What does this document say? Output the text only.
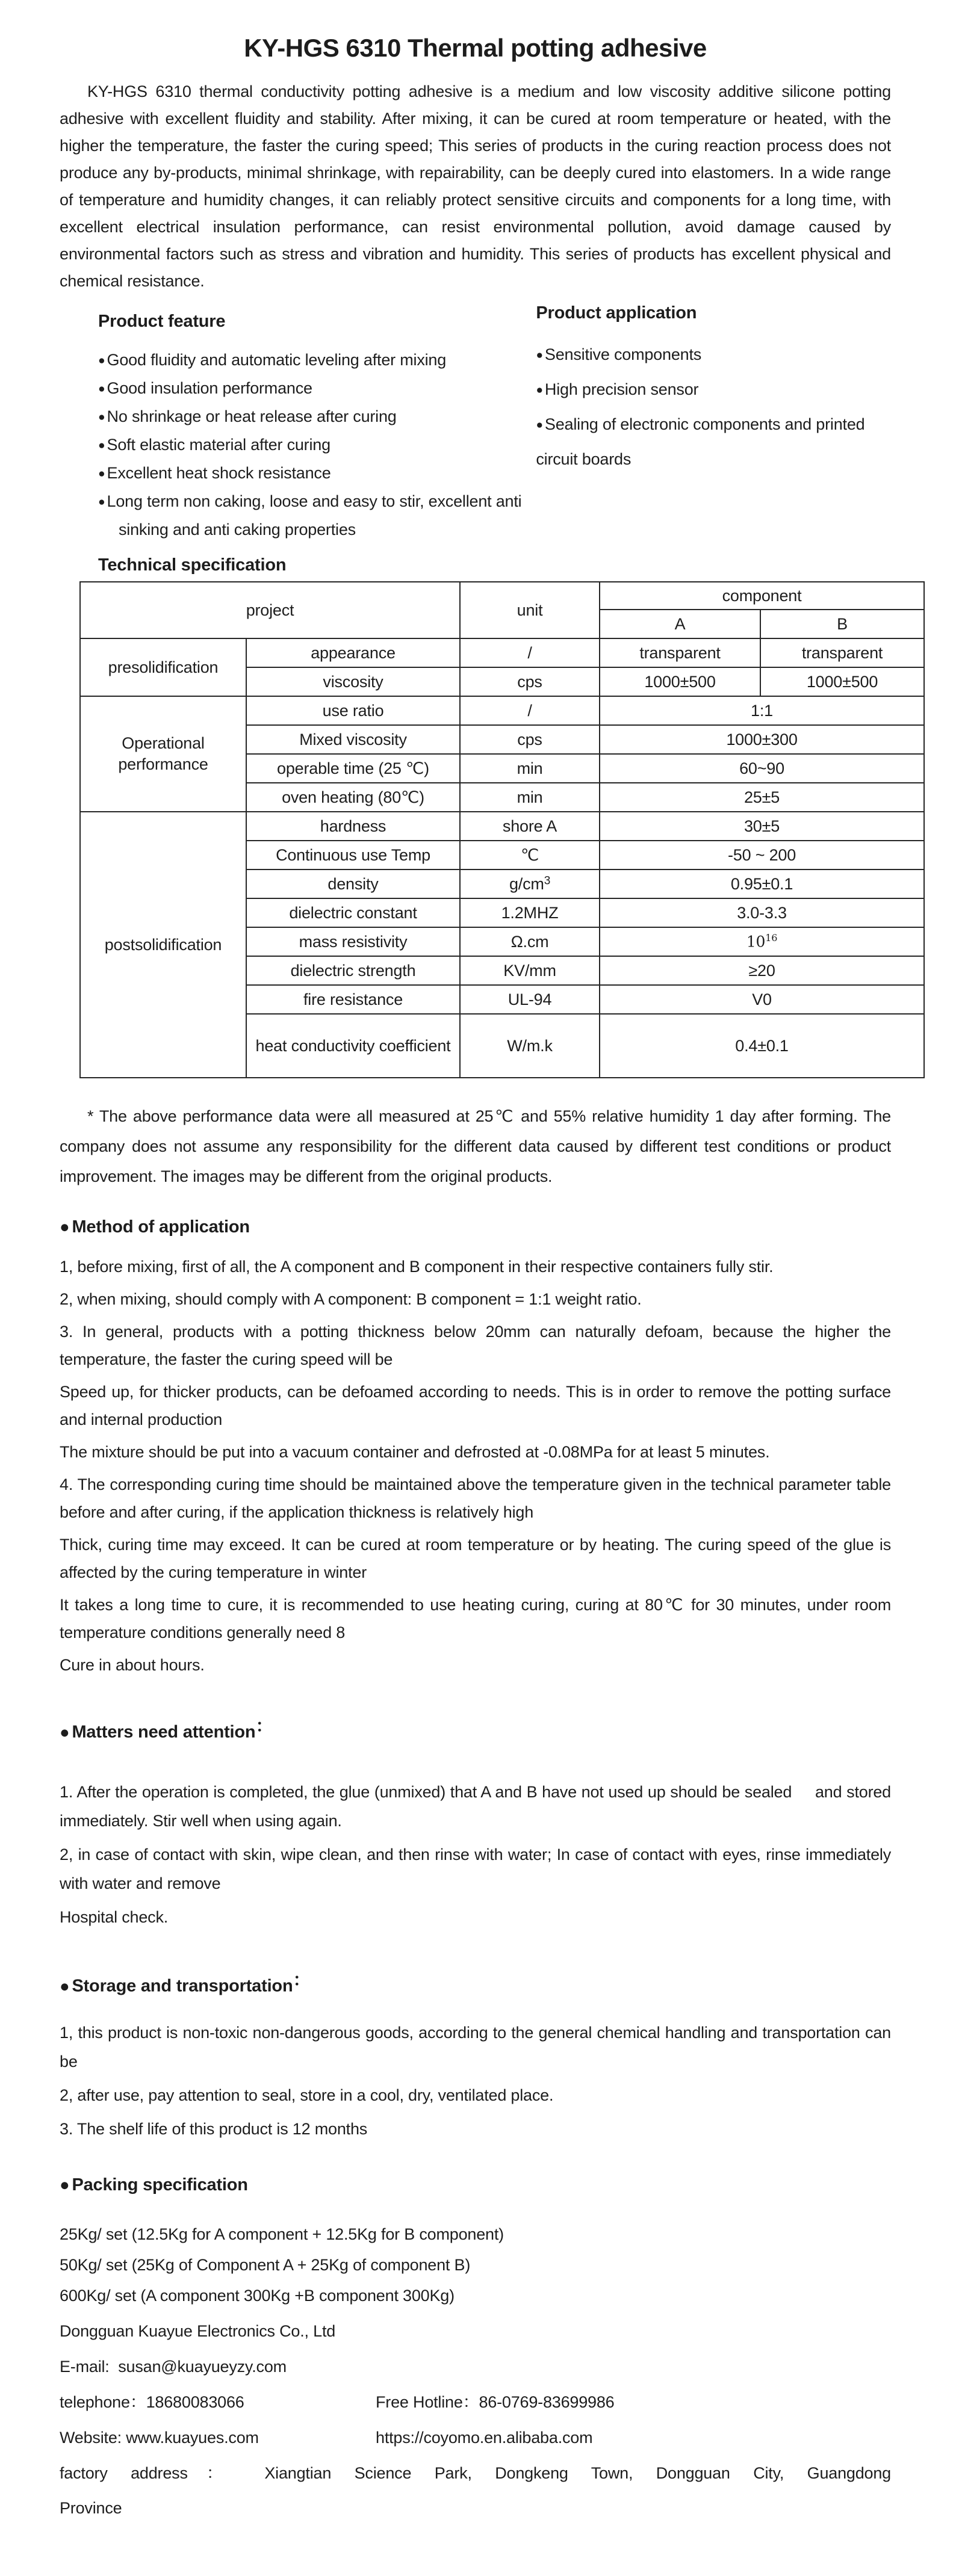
KY-HGS 6310 Thermal potting adhesive

KY-HGS 6310 thermal conductivity potting adhesive is a medium and low viscosity additive silicone potting adhesive with excellent fluidity and stability. After mixing, it can be cured at room temperature or heated, with the higher the temperature, the faster the curing speed; This series of products in the curing reaction process does not produce any by-products, minimal shrinkage, with repairability, can be deeply cured into elastomers. In a wide range of temperature and humidity changes, it can reliably protect sensitive circuits and components for a long time, with excellent electrical insulation performance, can resist environmental pollution, avoid damage caused by environmental factors such as stress and vibration and humidity. This series of products has excellent physical and chemical resistance.

Product feature
● Good fluidity and automatic leveling after mixing
● Good insulation performance
● No shrinkage or heat release after curing
● Soft elastic material after curing
● Excellent heat shock resistance
● Long term non caking, loose and easy to stir, excellent anti sinking and anti caking properties
Product application
● Sensitive components
● High precision sensor
● Sealing of electronic components and printed circuit boards
Technical specification
project		unit	component	
			A	B
presolidification	appearance	/	transparent	transparent
	viscosity	cps	1000±500	1000±500
Operational performance	use ratio	/	1:1	
	Mixed viscosity	cps	1000±300	
	operable time (25 ℃)	min	60~90	
	oven heating (80℃)	min	25±5	
postsolidification	hardness	shore A	30±5	
	Continuous use Temp	℃	-50 ~ 200	
	density	$g/cm^3$	0.95±0.1	
	dielectric constant	1.2MHZ	3.0-3.3	
	mass resistivity	Ω.cm	$10^{16}$
	dielectric strength	KV/mm	≥20	
	fire resistance	UL-94	V0	
	heat conductivity coefficient	W/m.k	0.4±0.1	

* The above performance data were all measured at 25℃ and 55% relative humidity 1 day after forming. The company does not assume any responsibility for the different data caused by different test conditions or product improvement. The images may be different from the original products.

● Method of application

1, before mixing, first of all, the A component and B component in their respective containers fully stir.

2, when mixing, should comply with A component: B component = 1:1 weight ratio.

3. In general, products with a potting thickness below 20mm can naturally defoam, because the higher the temperature, the faster the curing speed will be

Speed up, for thicker products, can be defoamed according to needs. This is in order to remove the potting surface and internal production

The mixture should be put into a vacuum container and defrosted at -0.08MPa for at least 5 minutes.

4. The corresponding curing time should be maintained above the temperature given in the technical parameter table before and after curing, if the application thickness is relatively high

Thick, curing time may exceed. It can be cured at room temperature or by heating. The curing speed of the glue is affected by the curing temperature in winter

It takes a long time to cure, it is recommended to use heating curing, curing at 80℃ for 30 minutes, under room temperature conditions generally need 8

Cure in about hours.

● Matters need attention：

1. After the operation is completed, the glue (unmixed) that A and B have not used up should be sealed     and stored immediately. Stir well when using again.

2, in case of contact with skin, wipe clean, and then rinse with water; In case of contact with eyes, rinse immediately with water and remove

Hospital check.

● Storage and transportation：

1, this product is non-toxic non-dangerous goods, according to the general chemical handling and transportation can be

2, after use, pay attention to seal, store in a cool, dry, ventilated place.

3. The shelf life of this product is 12 months

● Packing specification

25Kg/ set (12.5Kg for A component + 12.5Kg for B component)

50Kg/ set (25Kg of Component A + 25Kg of component B)

600Kg/ set (A component 300Kg +B component 300Kg)

Dongguan Kuayue Electronics Co., Ltd

E-mail:  susan@kuayueyzy.com

telephone：18680083066	Free Hotline：86-0769-83699986

Website: www.kuayues.com	https://coyomo.en.alibaba.com

factory address： Xiangtian Science Park, Dongkeng Town, Dongguan City, Guangdong
Province
